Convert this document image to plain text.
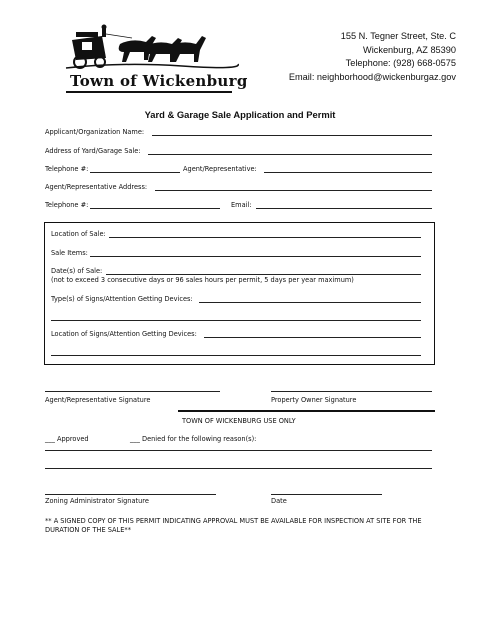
Town of Wickenburg
155 N. Tegner Street, Ste. C
Wickenburg, AZ 85390
Telephone: (928) 668-0575
Email: neighborhood@wickenburgaz.gov
Yard & Garage Sale Application and Permit
Applicant/Organization Name:
Address of Yard/Garage Sale:
Telephone #:	Agent/Representative:
Agent/Representative Address:
Telephone #:	Email:
Location of Sale:
Sale Items:
Date(s) of Sale:
(not to exceed 3 consecutive days or 96 sales hours per permit, 5 days per year maximum)
Type(s) of Signs/Attention Getting Devices:
Location of Signs/Attention Getting Devices:
Agent/Representative Signature	Property Owner Signature
TOWN OF WICKENBURG USE ONLY
___ Approved	___ Denied for the following reason(s):
Zoning Administrator Signature	Date
** A SIGNED COPY OF THIS PERMIT INDICATING APPROVAL MUST BE AVAILABLE FOR INSPECTION AT SITE FOR THE
DURATION OF THE SALE**
